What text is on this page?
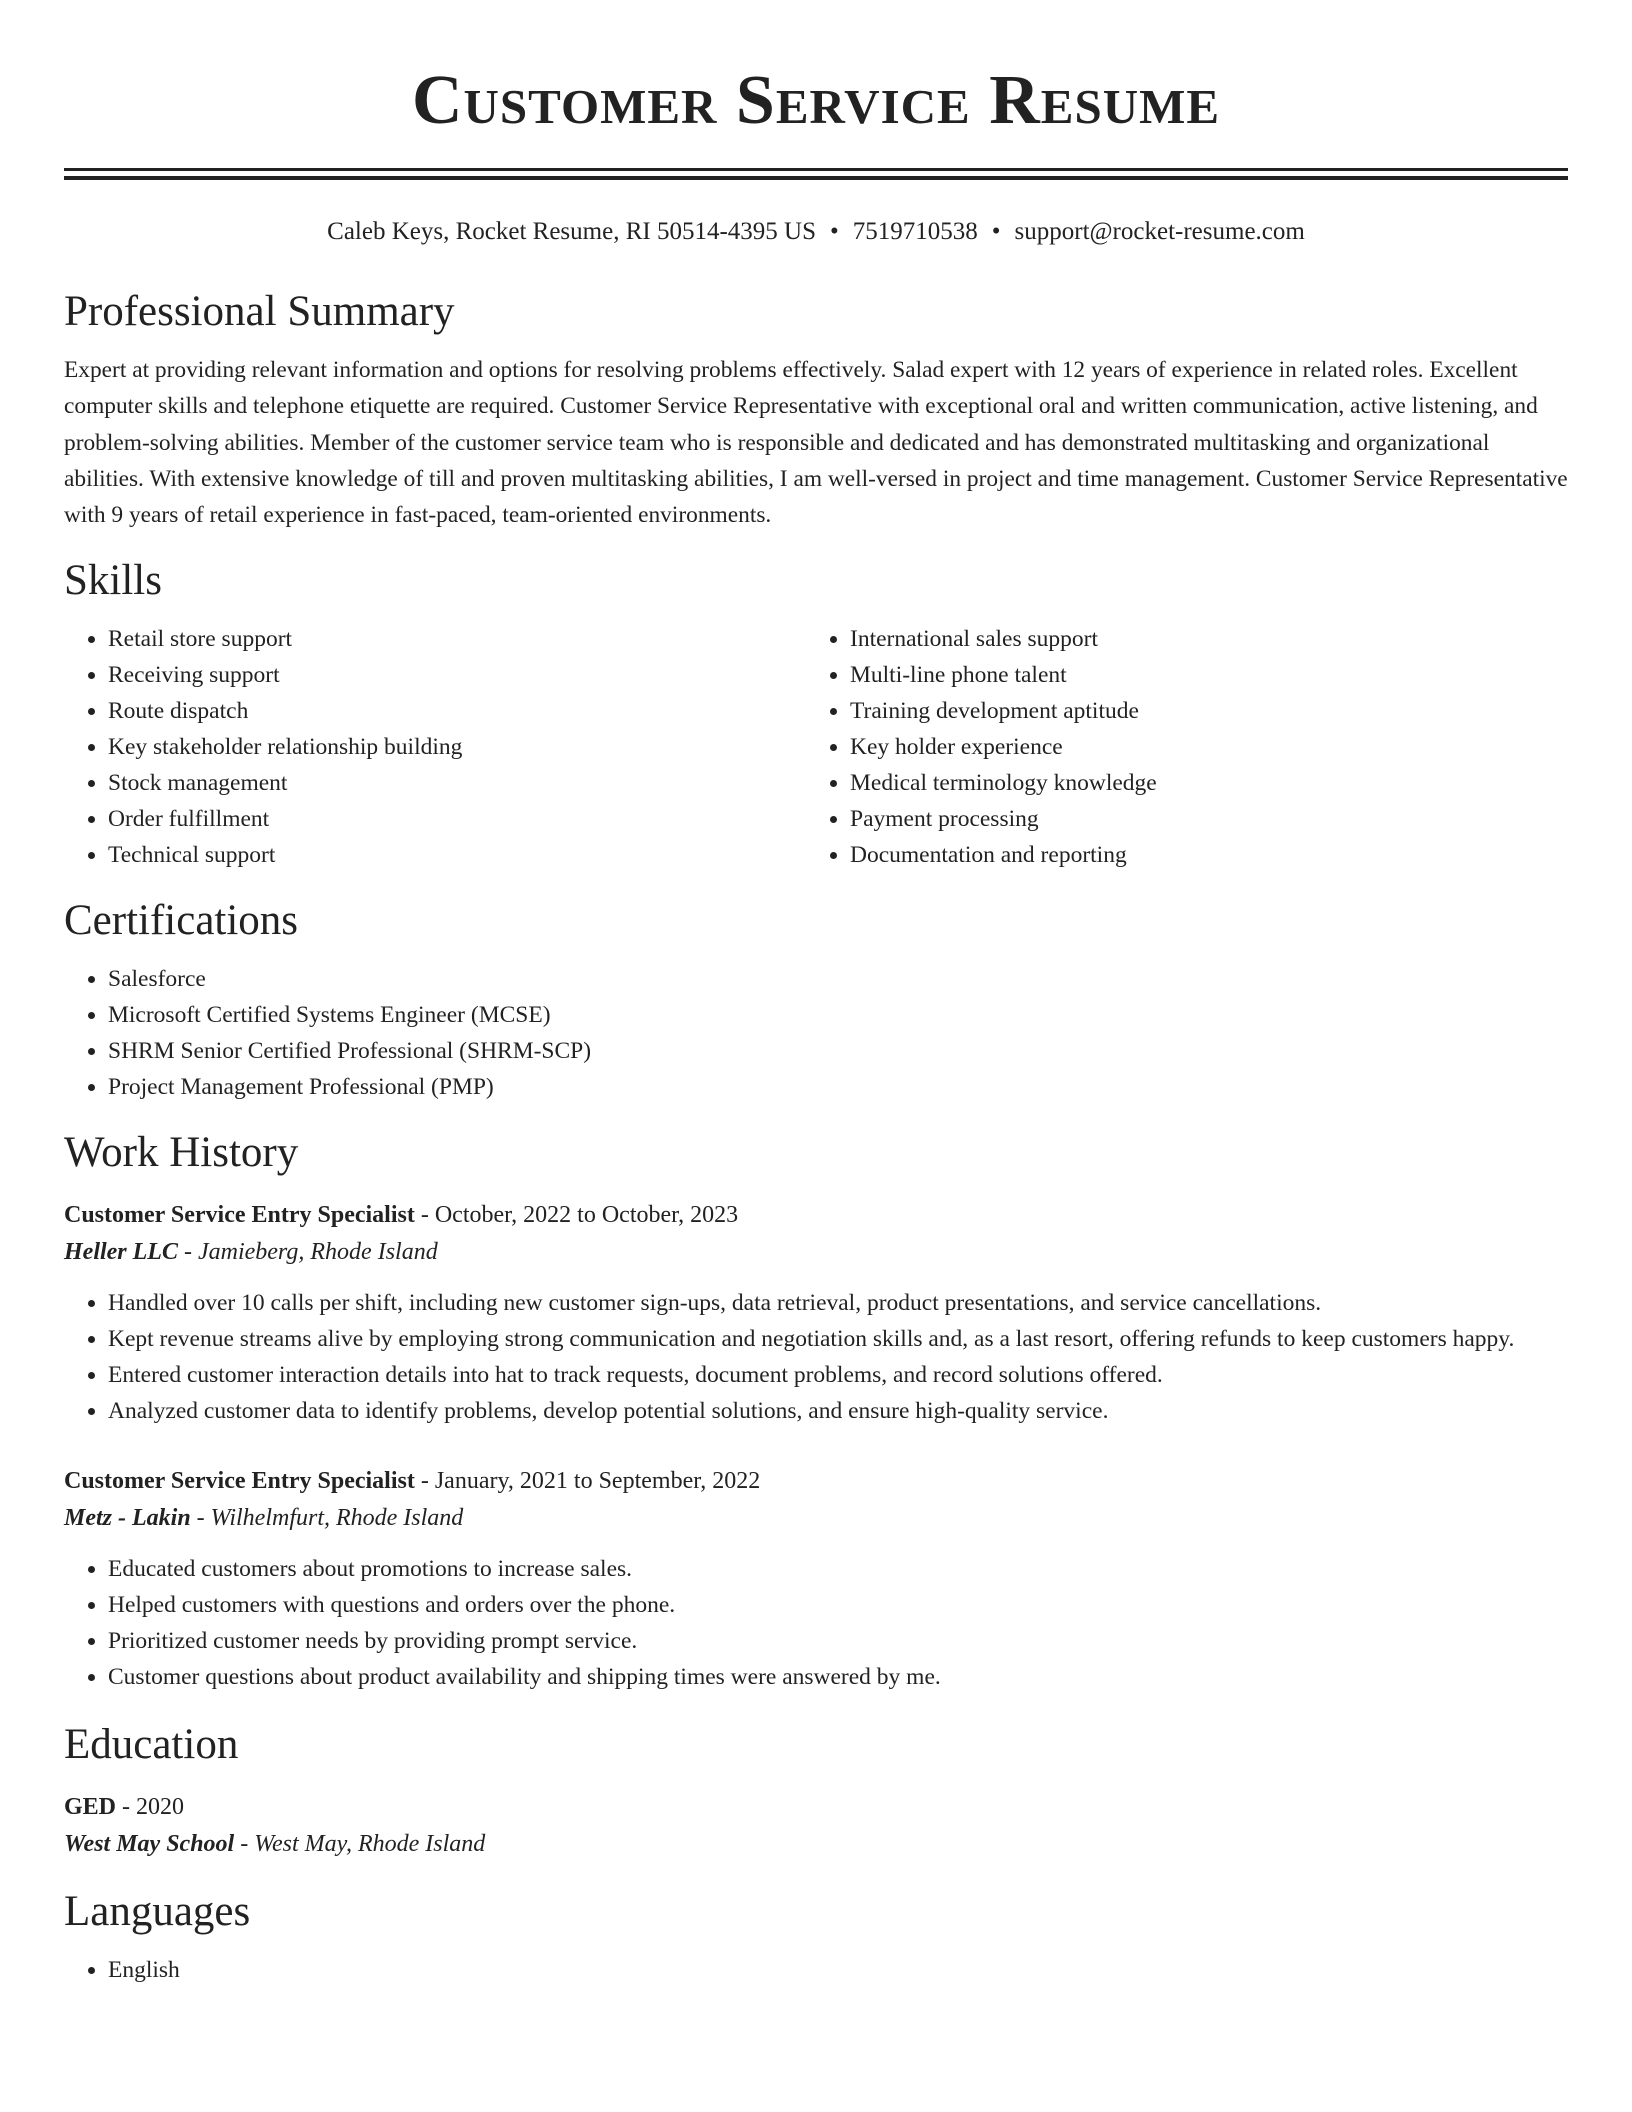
Customer Service Resume
Caleb Keys, Rocket Resume, RI 50514-4395 US • 7519710538 • support@rocket-resume.com
Professional Summary
Expert at providing relevant information and options for resolving problems effectively. Salad expert with 12 years of experience in related roles. Excellent computer skills and telephone etiquette are required. Customer Service Representative with exceptional oral and written communication, active listening, and problem-solving abilities. Member of the customer service team who is responsible and dedicated and has demonstrated multitasking and organizational abilities. With extensive knowledge of till and proven multitasking abilities, I am well-versed in project and time management. Customer Service Representative with 9 years of retail experience in fast-paced, team-oriented environments.
Skills
• Retail store support
• Receiving support
• Route dispatch
• Key stakeholder relationship building
• Stock management
• Order fulfillment
• Technical support
• International sales support
• Multi-line phone talent
• Training development aptitude
• Key holder experience
• Medical terminology knowledge
• Payment processing
• Documentation and reporting
Certifications
• Salesforce
• Microsoft Certified Systems Engineer (MCSE)
• SHRM Senior Certified Professional (SHRM-SCP)
• Project Management Professional (PMP)
Work History
Customer Service Entry Specialist - October, 2022 to October, 2023
Heller LLC - Jamieberg, Rhode Island
• Handled over 10 calls per shift, including new customer sign-ups, data retrieval, product presentations, and service cancellations.
• Kept revenue streams alive by employing strong communication and negotiation skills and, as a last resort, offering refunds to keep customers happy.
• Entered customer interaction details into hat to track requests, document problems, and record solutions offered.
• Analyzed customer data to identify problems, develop potential solutions, and ensure high-quality service.
Customer Service Entry Specialist - January, 2021 to September, 2022
Metz - Lakin - Wilhelmfurt, Rhode Island
• Educated customers about promotions to increase sales.
• Helped customers with questions and orders over the phone.
• Prioritized customer needs by providing prompt service.
• Customer questions about product availability and shipping times were answered by me.
Education
GED - 2020
West May School - West May, Rhode Island
Languages
• English
